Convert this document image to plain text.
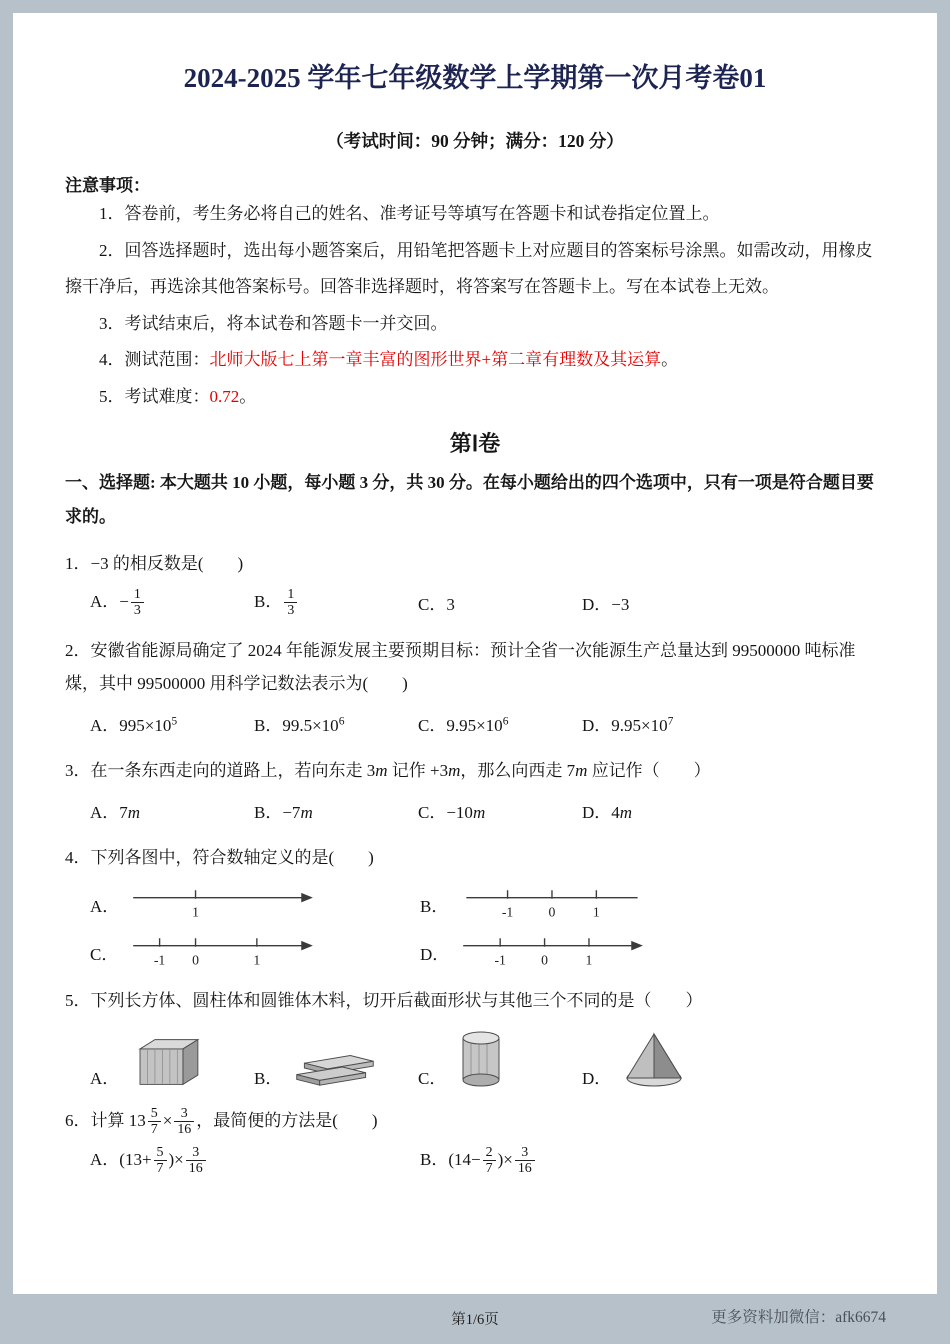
2024-2025 学年七年级数学上学期第一次月考卷01
（考试时间：90 分钟；满分：120 分）
注意事项：

1．答卷前，考生务必将自己的姓名、准考证号等填写在答题卡和试卷指定位置上。

2．回答选择题时，选出每小题答案后，用铅笔把答题卡上对应题目的答案标号涂黑。如需改动，用橡皮擦干净后，再选涂其他答案标号。回答非选择题时，将答案写在答题卡上。写在本试卷上无效。

3．考试结束后，将本试卷和答题卡一并交回。

4．测试范围：北师大版七上第一章丰富的图形世界+第二章有理数及其运算。

5．考试难度：0.72。

第Ⅰ卷

一、选择题: 本大题共 10 小题，每小题 3 分，共 30 分。在每小题给出的四个选项中，只有一项是符合题目要求的。

1．−3 的相反数是(　　)

A．− $\frac{1}{3}$	B． $\frac{1}{3}$	C．3	D．−3

2．安徽省能源局确定了 2024 年能源发展主要预期目标：预计全省一次能源生产总量达到 99500000 吨标准煤，其中 99500000 用科学记数法表示为(　　)

A．$995\times 10^5$	B．$99.5\times 10^6$	C．$9.95\times 10^6$	D．$9.95\times 10^7$

3．在一条东西走向的道路上，若向东走 3m 记作 +3m，那么向西走 7m 应记作（　　）

A．7m	B．−7m	C．−10m	D．4m

4．下列各图中，符合数轴定义的是(　　)

A．	1	B．	-1	0	1
C．	-1 0	1	D．	-1	0	1

5．下列长方体、圆柱体和圆锥体木料，切开后截面形状与其他三个不同的是（　　）

A．	B．	C．	D．

6．计算 $13 \frac{5}{7} \times \frac{3}{16}$ ，最简便的方法是(　　)

A．($13+ \frac{5}{7}$ )× $\frac{3}{16}$	B．($14- \frac{2}{7}$ )× $\frac{3}{16}$
第1/6页	更多资料加微信：afk6674
